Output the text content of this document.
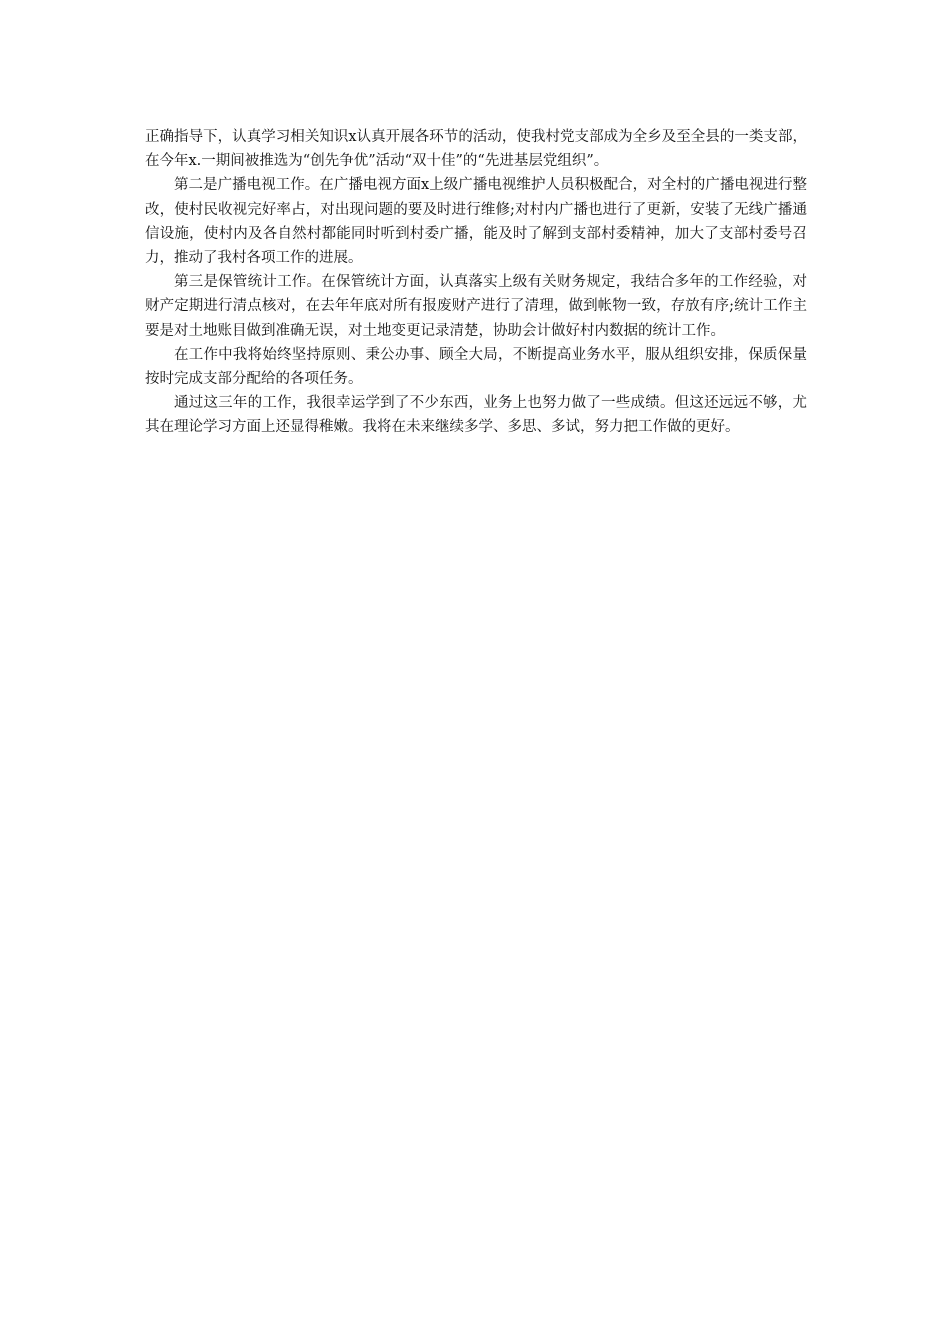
正确指导下，认真学习相关知识x认真开展各环节的活动，使我村党支部成为全乡及至全县的一类支部，在今年x.一期间被推选为“创先争优”活动“双十佳”的“先进基层党组织”。

第二是广播电视工作。在广播电视方面x上级广播电视维护人员积极配合，对全村的广播电视进行整改，使村民收视完好率占，对出现问题的要及时进行维修;对村内广播也进行了更新，安装了无线广播通信设施，使村内及各自然村都能同时听到村委广播，能及时了解到支部村委精神，加大了支部村委号召力，推动了我村各项工作的进展。

第三是保管统计工作。在保管统计方面，认真落实上级有关财务规定，我结合多年的工作经验，对财产定期进行清点核对，在去年年底对所有报废财产进行了清理，做到帐物一致，存放有序;统计工作主要是对土地账目做到准确无误，对土地变更记录清楚，协助会计做好村内数据的统计工作。

在工作中我将始终坚持原则、秉公办事、顾全大局，不断提高业务水平，服从组织安排，保质保量按时完成支部分配给的各项任务。

通过这三年的工作，我很幸运学到了不少东西，业务上也努力做了一些成绩。但这还远远不够，尤其在理论学习方面上还显得稚嫩。我将在未来继续多学、多思、多试，努力把工作做的更好。
